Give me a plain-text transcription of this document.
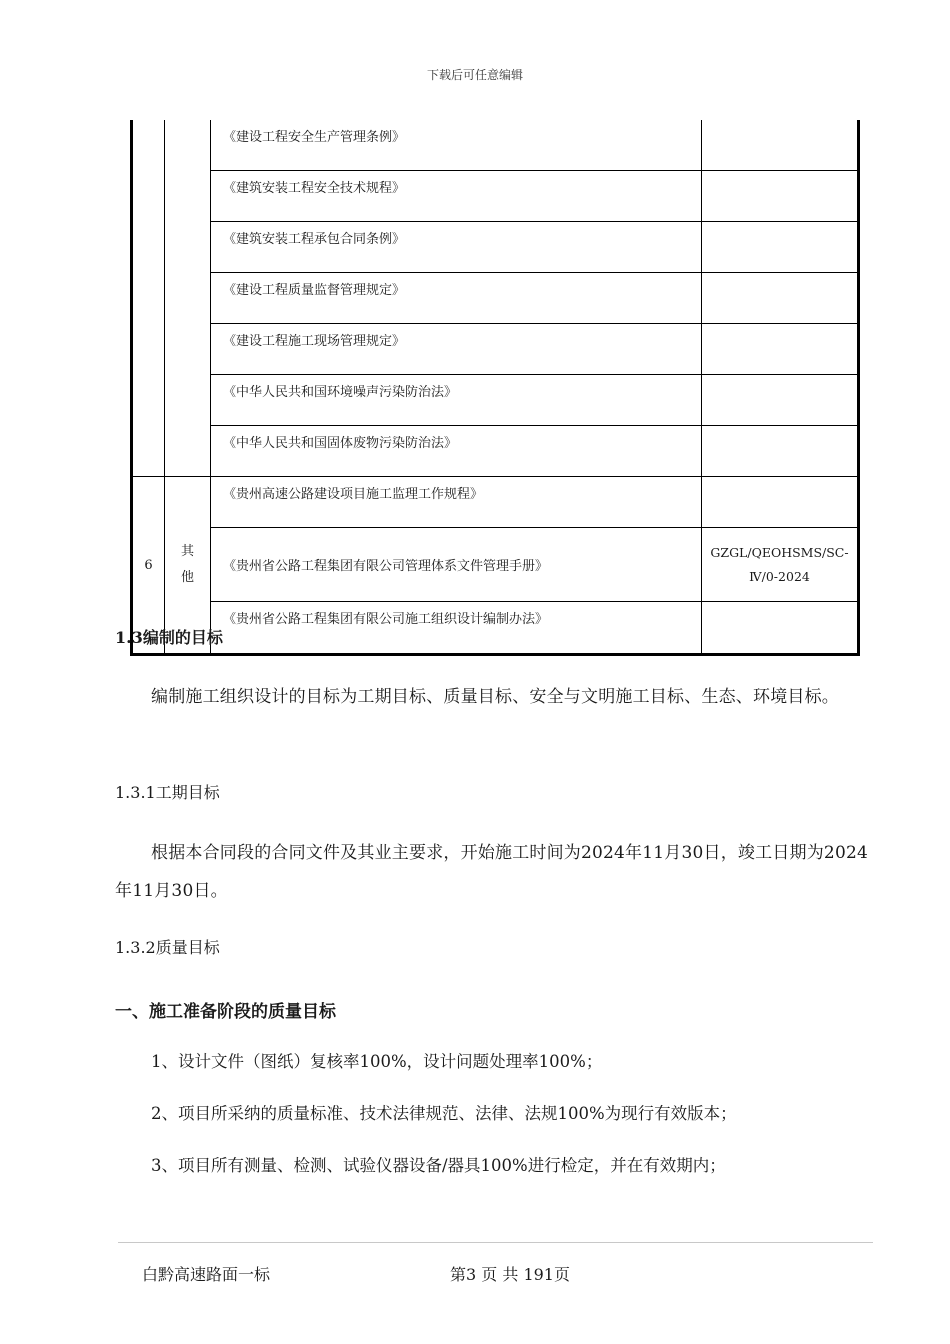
下载后可任意编辑
		《建设工程安全生产管理条例》	
		《建筑安装工程安全技术规程》	
		《建筑安装工程承包合同条例》	
		《建设工程质量监督管理规定》	
		《建设工程施工现场管理规定》	
		《中华人民共和国环境噪声污染防治法》	
		《中华人民共和国固体废物污染防治法》	
6	其
他	《贵州高速公路建设项目施工监理工作规程》	
		《贵州省公路工程集团有限公司管理体系文件管理手册》	GZGL/QEOHSMS/SC-
Ⅳ/0-2024

		《贵州省公路工程集团有限公司施工组织设计编制办法》	
1.3编制的目标
编制施工组织设计的目标为工期目标、质量目标、安全与文明施工目标、生态、环境目标。
1.3.1工期目标
根据本合同段的合同文件及其业主要求，开始施工时间为2024年11月30日，竣工日期为2024年11月30日。
1.3.2质量目标
一、施工准备阶段的质量目标
1、设计文件（图纸）复核率100%，设计问题处理率100%；
2、项目所采纳的质量标准、技术法律规范、法律、法规100%为现行有效版本；
3、项目所有测量、检测、试验仪器设备/器具100%进行检定，并在有效期内；
白黔高速路面一标	第3 页 共 191页
